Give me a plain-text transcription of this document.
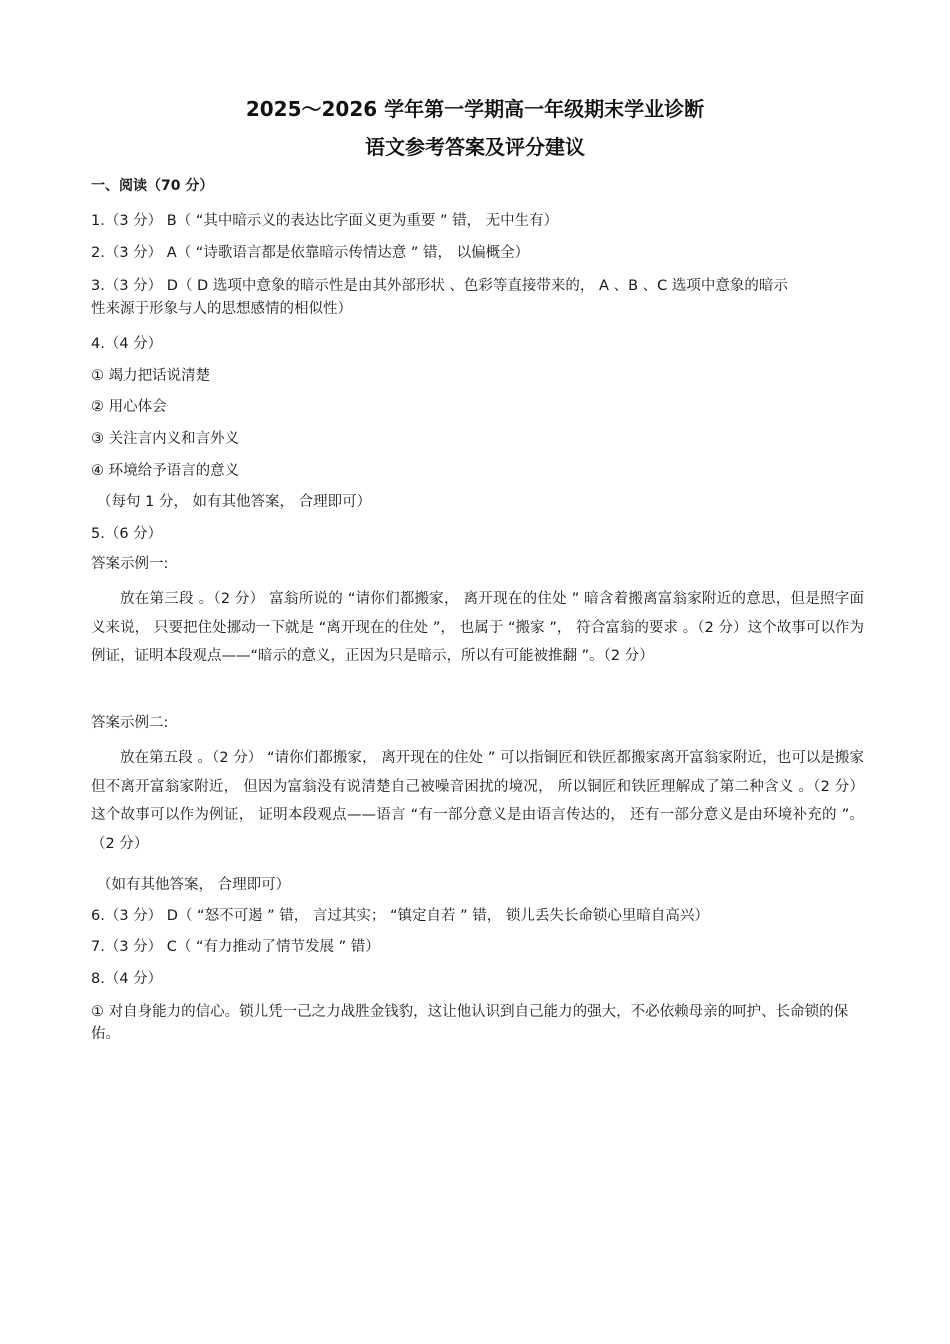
2025～2026 学年第一学期高一年级期末学业诊断
语文参考答案及评分建议
一、阅读（70 分）
1.（3 分） B（ “其中暗示义的表达比字面义更为重要 ” 错， 无中生有）
2.（3 分） A（ “诗歌语言都是依靠暗示传情达意 ” 错， 以偏概全）
3.（3 分） D（ D 选项中意象的暗示性是由其外部形状 、色彩等直接带来的， A 、B 、C 选项中意象的暗示
性来源于形象与人的思想感情的相似性）
4.（4 分）
① 竭力把话说清楚
② 用心体会
③ 关注言内义和言外义
④ 环境给予语言的意义
（每句 1 分， 如有其他答案， 合理即可）
5.（6 分）
答案示例一:
放在第三段 。（2 分） 富翁所说的 “请你们都搬家， 离开现在的住处 ” 暗含着搬离富翁家附近的意思，但是照字面义来说， 只要把住处挪动一下就是 “离开现在的住处 ”， 也属于 “搬家 ”， 符合富翁的要求 。（2 分）这个故事可以作为例证，证明本段观点——“暗示的意义，正因为只是暗示，所以有可能被推翻 ”。（2 分）
答案示例二:
放在第五段 。（2 分） “请你们都搬家， 离开现在的住处 ” 可以指铜匠和铁匠都搬家离开富翁家附近，也可以是搬家但不离开富翁家附近， 但因为富翁没有说清楚自己被噪音困扰的境况， 所以铜匠和铁匠理解成了第二种含义 。（2 分） 这个故事可以作为例证， 证明本段观点——语言 “有一部分意义是由语言传达的， 还有一部分意义是由环境补充的 ”。（2 分）
（如有其他答案， 合理即可）
6.（3 分） D（ “怒不可遏 ” 错， 言过其实； “镇定自若 ” 错， 锁儿丢失长命锁心里暗自高兴）
7.（3 分） C（ “有力推动了情节发展 ” 错）
8.（4 分）
① 对自身能力的信心。锁儿凭一己之力战胜金钱豹，这让他认识到自己能力的强大，不必依赖母亲的呵护、长命锁的保佑。
